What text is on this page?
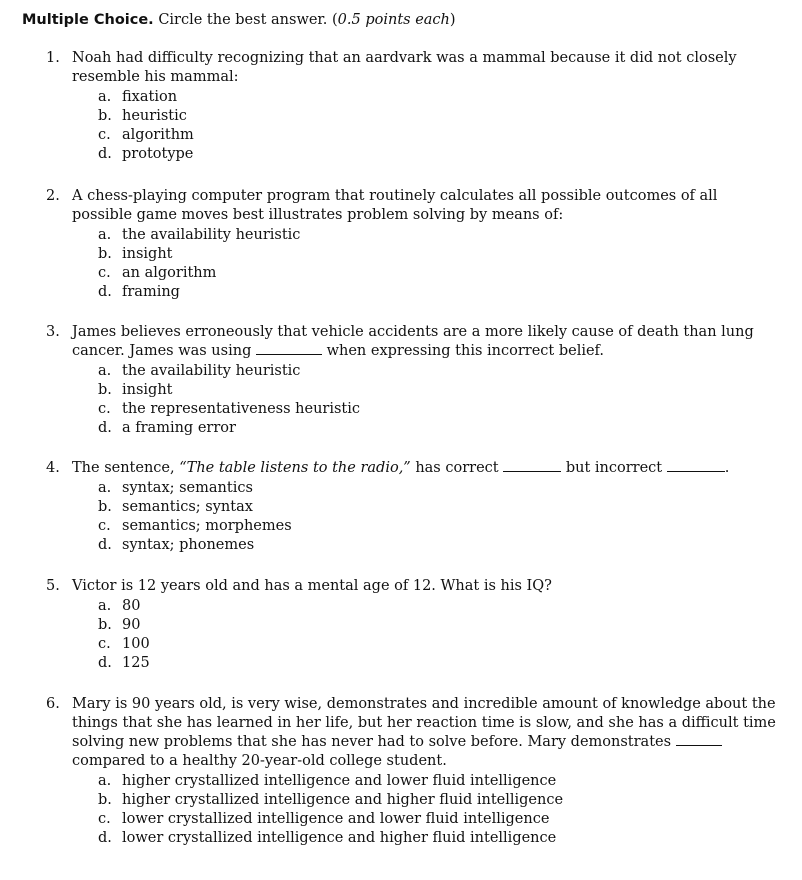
Multiple Choice. Circle the best answer. (0.5 points each)
1. Noah had difficulty recognizing that an aardvark was a mammal because it did not closely resemble his mammal:
a. fixation
b. heuristic
c. algorithm
d. prototype
2. A chess-playing computer program that routinely calculates all possible outcomes of all possible game moves best illustrates problem solving by means of:
a. the availability heuristic
b. insight
c. an algorithm
d. framing
3. James believes erroneously that vehicle accidents are a more likely cause of death than lung cancer. James was using	when expressing this incorrect belief.
a. the availability heuristic
b. insight
c. the representativeness heuristic
d. a framing error
4. The sentence, “The table listens to the radio,” has correct	but incorrect	.
a. syntax; semantics
b. semantics; syntax
c. semantics; morphemes
d. syntax; phonemes
5. Victor is 12 years old and has a mental age of 12. What is his IQ?
a. 80
b. 90
c. 100
d. 125
6. Mary is 90 years old, is very wise, demonstrates and incredible amount of knowledge about the things that she has learned in her life, but her reaction time is slow, and she has a difficult time solving new problems that she has never had to solve before. Mary demonstrates  compared to a healthy 20-year-old college student.
a. higher crystallized intelligence and lower fluid intelligence
b. higher crystallized intelligence and higher fluid intelligence
c. lower crystallized intelligence and lower fluid intelligence
d. lower crystallized intelligence and higher fluid intelligence
